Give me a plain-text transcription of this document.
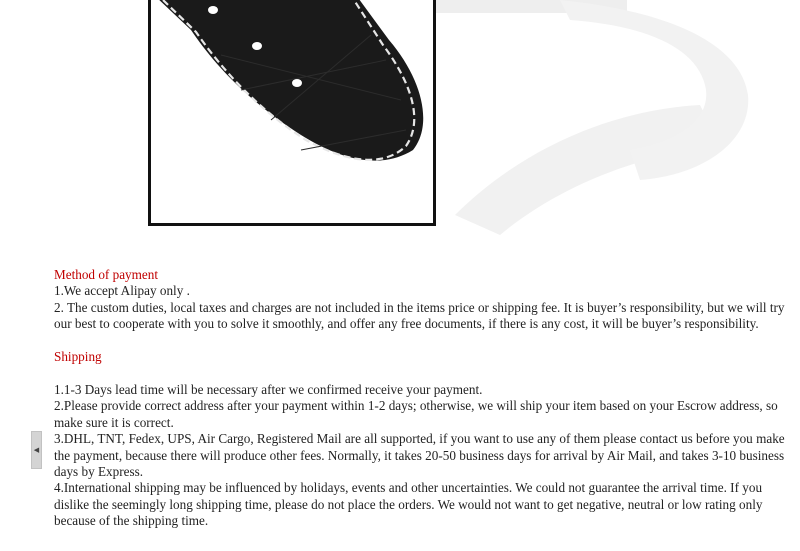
◀

Method of payment

1.We accept Alipay only .

2. The custom duties, local taxes and charges are not included in the items price or shipping fee. It is buyer’s responsibility, but we will try our best to cooperate with you to solve it smoothly, and offer any free documents, if there is any cost, it will be buyer’s responsibility.

Shipping

1.1-3 Days lead time will be necessary after we confirmed receive your payment.

2.Please provide correct address after your payment within 1-2 days; otherwise, we will ship your item based on your Escrow address, so make sure it is correct.

3.DHL, TNT, Fedex, UPS, Air Cargo, Registered Mail are all supported, if you want to use any of them please contact us before you make the payment, because there will produce other fees. Normally, it takes 20-50 business days for arrival by Air Mail, and takes 3-10 business days by Express.

4.International shipping may be influenced by holidays, events and other uncertainties. We could not guarantee the arrival time. If you dislike the seemingly long shipping time, please do not place the orders. We would not want to get negative, neutral or low rating only because of the shipping time.
